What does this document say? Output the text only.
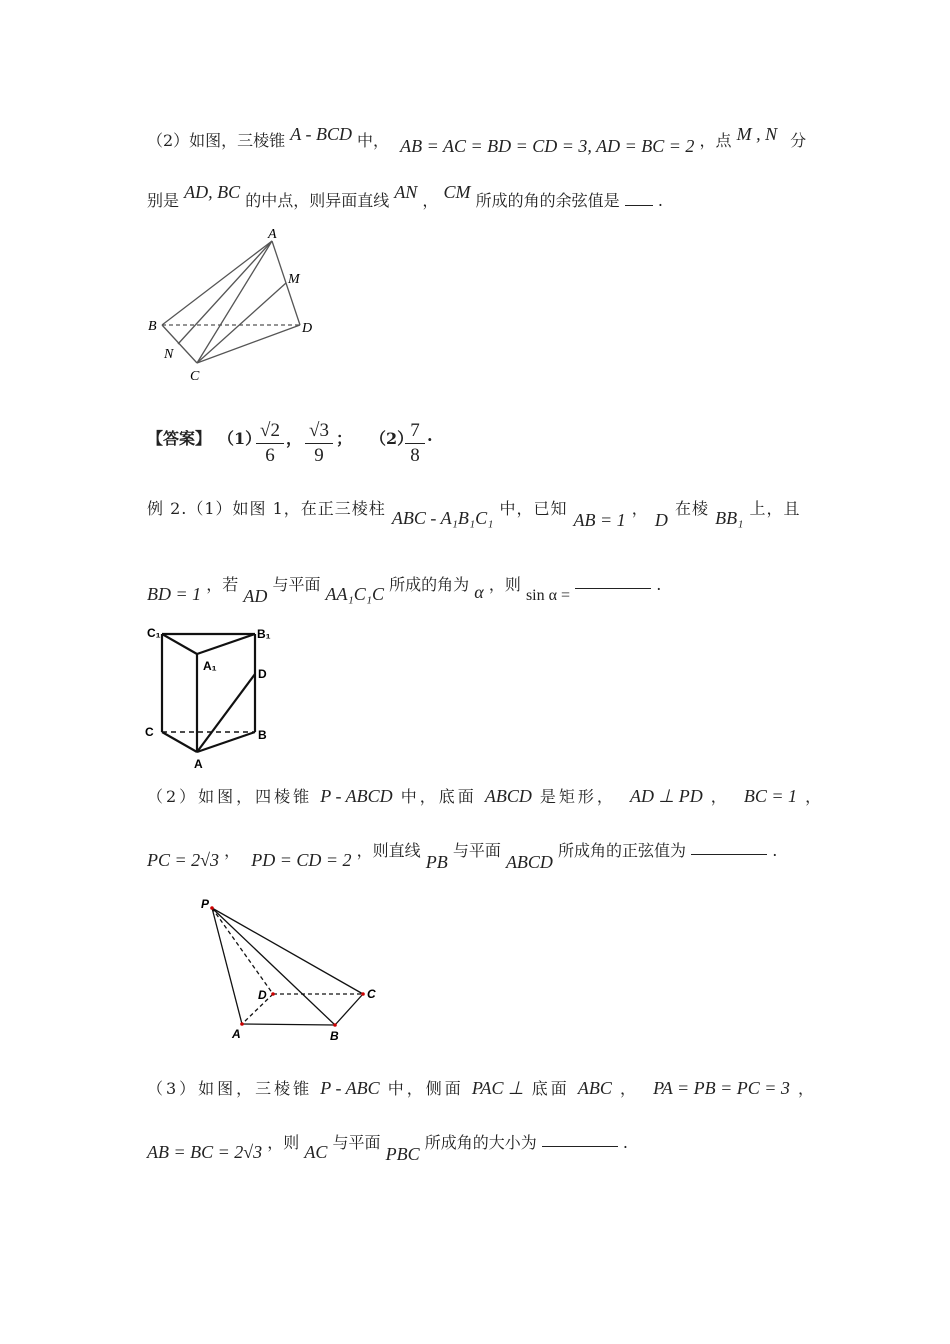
（2）如图，三棱锥 A - BCD 中， AB = AC = BD = CD = 3, AD = BC = 2 ，点 M , N 分
别是 AD, BC 的中点，则异面直线 AN ， CM 所成的角的余弦值是 .
A
M
B	D
N
C
【答案】 （1）
√2
6
， √3
9
； （2）
7
8
.
例 2.（1）如图 1，在正三棱柱 ABC - A₁B₁C₁ 中，已知 AB = 1 ， D 在棱 BB₁ 上，且
BD = 1 ，若 AD 与平面 AA₁C₁C 所成的角为 α ，则 sin α =  .
C₁	B₁
A₁
D
C	B
A
（2）如图，四棱锥 P - ABCD 中，底面 ABCD 是矩形， AD ⊥ PD ， BC = 1 ，
PC = 2√3 ， PD = CD = 2 ，则直线 PB 与平面 ABCD 所成角的正弦值为	.
P
D	C
A	B
（3）如图，三棱锥 P - ABC 中，侧面 PAC ⊥ 底面 ABC ， PA = PB = PC = 3 ，
AB = BC = 2√3 ，则 AC 与平面 PBC 所成角的大小为	.
